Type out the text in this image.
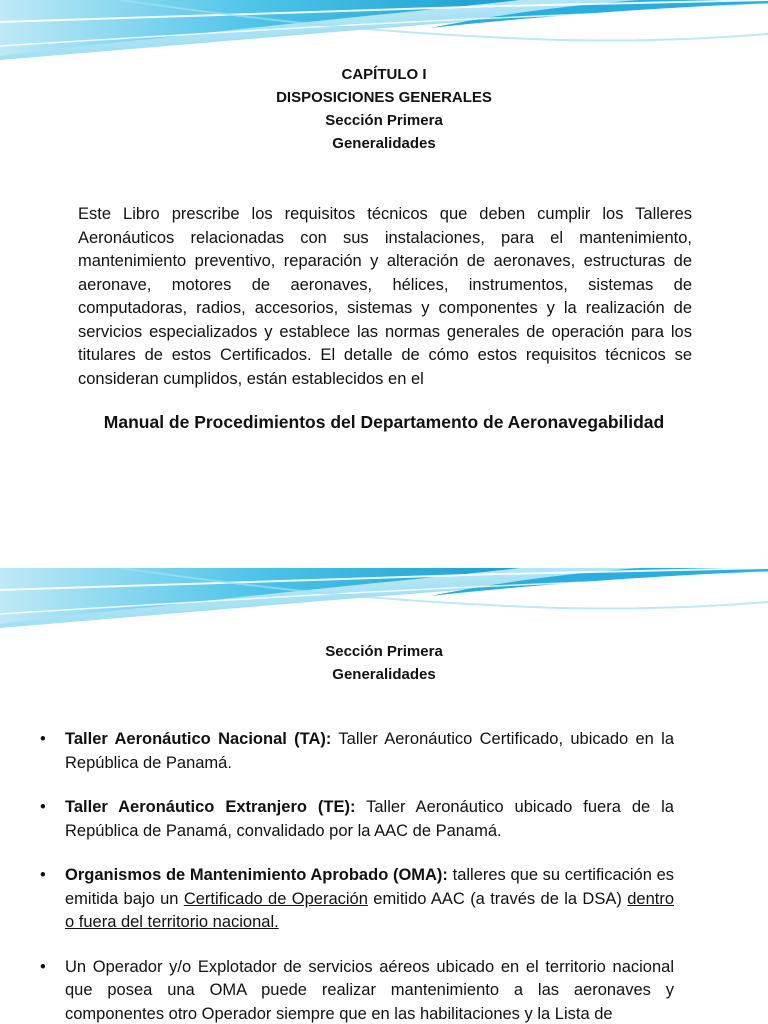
CAPÍTULO I
DISPOSICIONES GENERALES
Sección Primera
Generalidades
Este Libro prescribe los requisitos técnicos que deben cumplir los Talleres Aeronáuticos relacionadas con sus instalaciones, para el mantenimiento, mantenimiento preventivo, reparación y alteración de aeronaves, estructuras de aeronave, motores de aeronaves, hélices, instrumentos, sistemas de computadoras, radios, accesorios, sistemas y componentes y la realización de servicios especializados y establece las normas generales de operación para los titulares de estos Certificados. El detalle de cómo estos requisitos técnicos se consideran cumplidos, están establecidos en el
Manual de Procedimientos del Departamento de Aeronavegabilidad
Sección Primera
Generalidades
• Taller Aeronáutico Nacional (TA): Taller Aeronáutico Certificado, ubicado en la República de Panamá.
• Taller Aeronáutico Extranjero (TE): Taller Aeronáutico ubicado fuera de la República de Panamá, convalidado por la AAC de Panamá.
• Organismos de Mantenimiento Aprobado (OMA): talleres que su certificación es emitida bajo un Certificado de Operación emitido AAC (a través de la DSA) dentro o fuera del territorio nacional.
• Un Operador y/o Explotador de servicios aéreos ubicado en el territorio nacional que posea una OMA puede realizar mantenimiento a las aeronaves y componentes otro Operador siempre que en las habilitaciones y la Lista de
